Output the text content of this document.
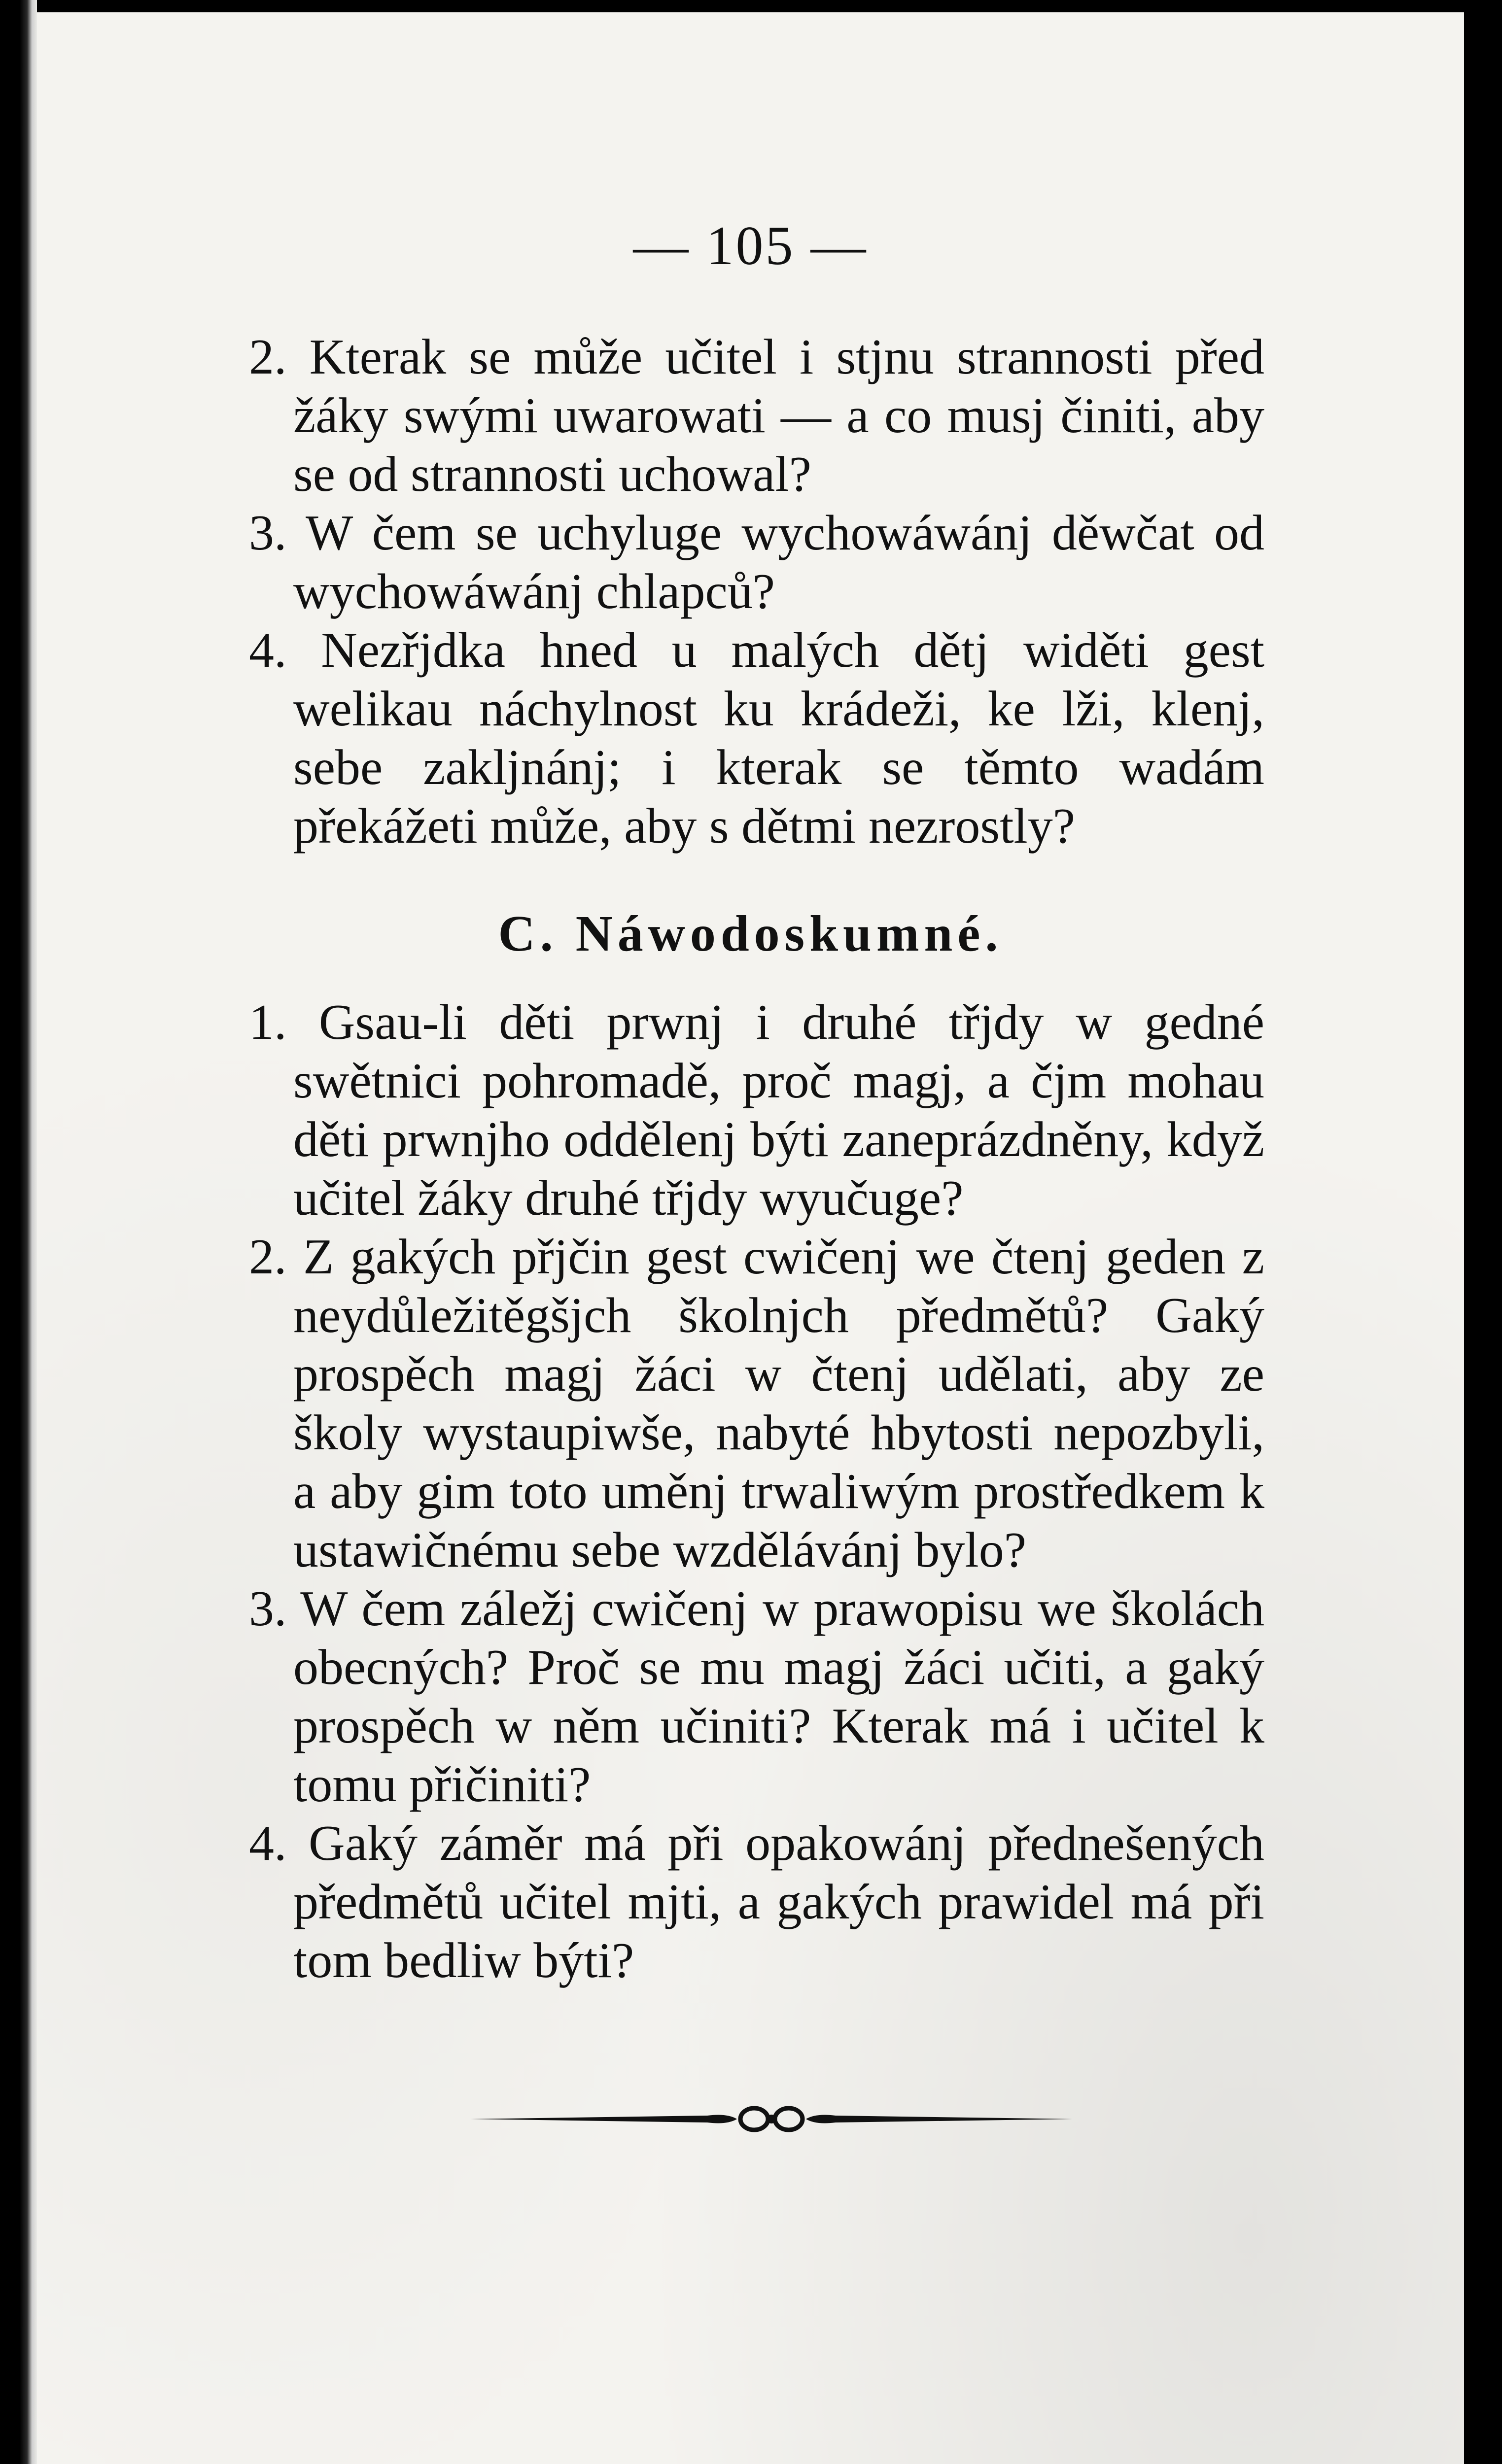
— 105 —

2. Kterak se může učitel i stjnu strannosti před žáky swými uwarowati — a co musj činiti, aby se od strannosti uchowal?

3. W čem se uchyluge wychowáwánj děwčat od wychowáwánj chlapců?

4. Nezřjdka hned u malých dětj widěti gest welikau náchylnost ku krádeži, ke lži, klenj, sebe zakljnánj; i kterak se těmto wadám překážeti může, aby s dětmi nezrostly?

C. Náwodoskumné.

1. Gsau-li děti prwnj i druhé třjdy w gedné swětnici pohromadě, proč magj, a čjm mohau děti prwnjho oddělenj býti zaneprázdněny, když učitel žáky druhé třjdy wyučuge?

2. Z gakých přjčin gest cwičenj we čtenj geden z neydůležitěgšjch školnjch předmětů? Gaký prospěch magj žáci w čtenj udělati, aby ze školy wystaupiwše, nabyté hbytosti nepozbyli, a aby gim toto uměnj trwaliwým prostředkem k ustawičnému sebe wzdělávánj bylo?

3. W čem záležj cwičenj w prawopisu we školách obecných? Proč se mu magj žáci učiti, a gaký prospěch w něm učiniti? Kterak má i učitel k tomu přičiniti?

4. Gaký záměr má při opakowánj přednešených předmětů učitel mjti, a gakých prawidel má při tom bedliw býti?
